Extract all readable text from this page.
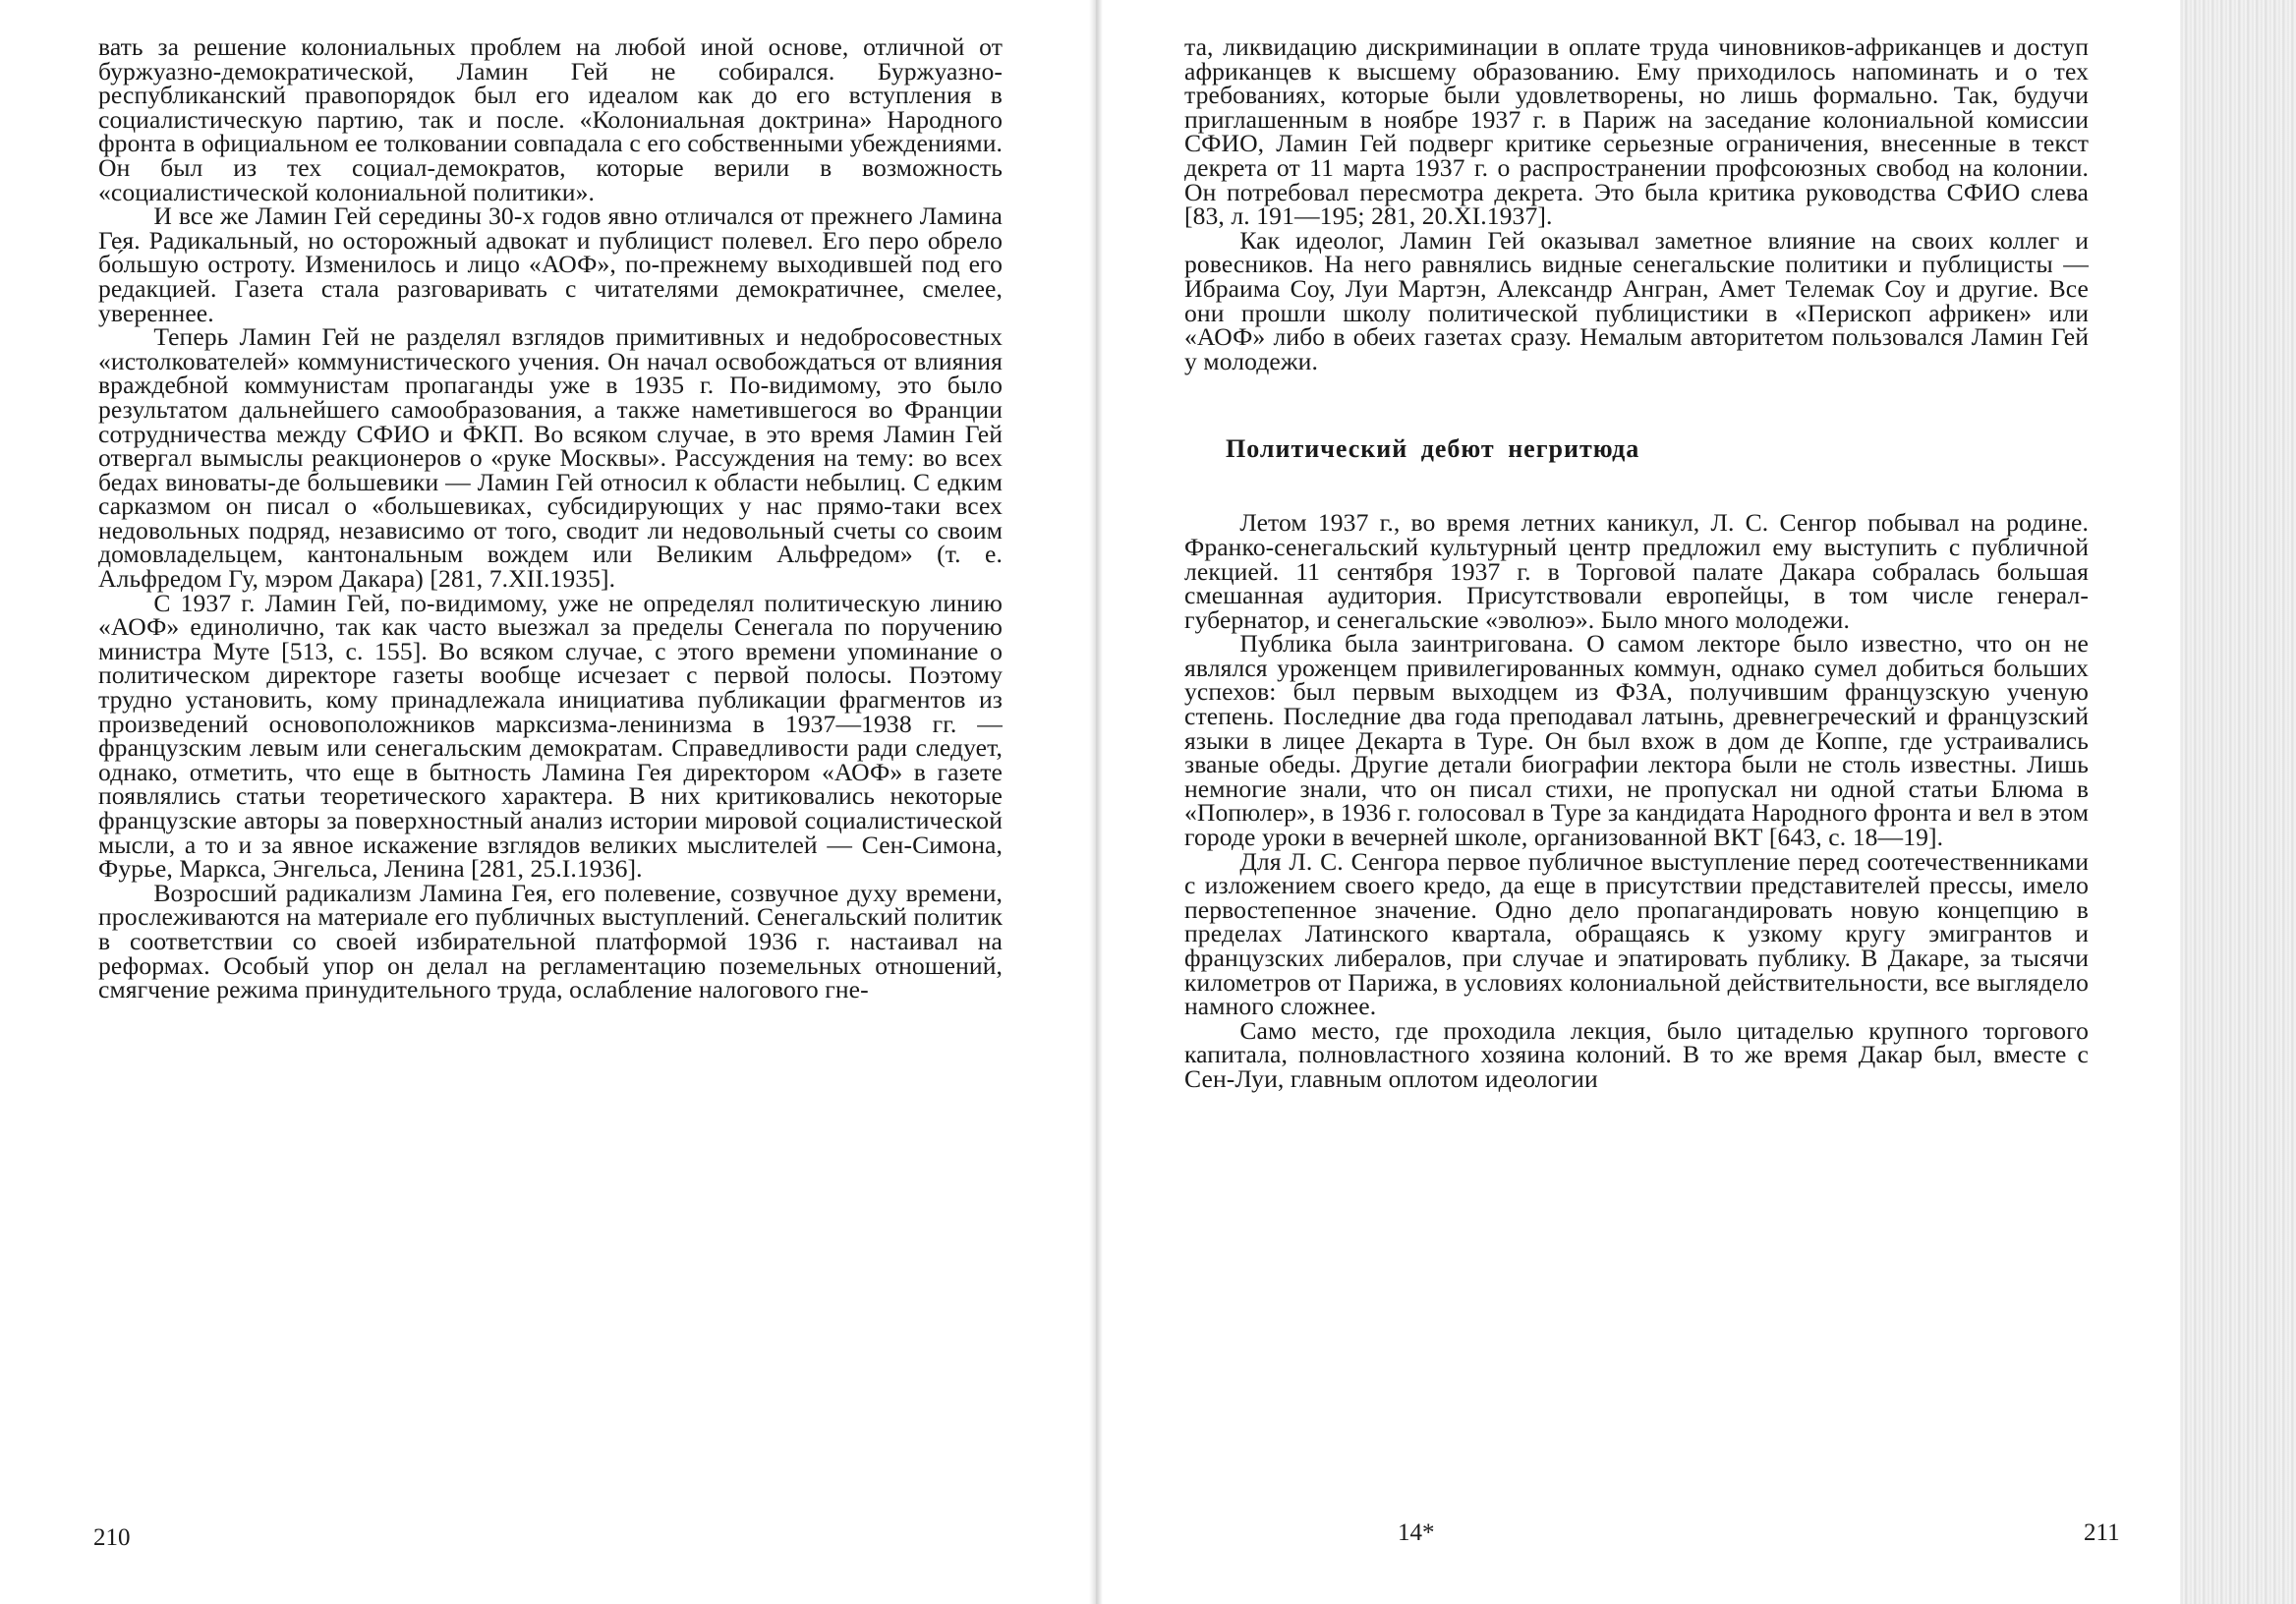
вать за решение колониальных проблем на любой иной основе, отличной от буржуазно-демократической, Ламин Гей не собирался. Буржуазно-республиканский правопорядок был его идеалом как до его вступления в социалистическую партию, так и после. «Колониальная доктрина» Народного фронта в официальном ее толковании совпадала с его собственными убеждениями. Он был из тех социал-демократов, которые верили в возможность «социалистической колониальной политики».

И все же Ламин Гей середины 30-х годов явно отличался от прежнего Ламина Гея. Радикальный, но осторожный адвокат и публицист полевел. Его перо обрело бо́льшую остроту. Изменилось и лицо «АОФ», по-прежнему выходившей под его редакцией. Газета стала разговаривать с читателями демократичнее, смелее, увереннее.

Теперь Ламин Гей не разделял взглядов примитивных и недобросовестных «истолкователей» коммунистического учения. Он начал освобождаться от влияния враждебной коммунистам пропаганды уже в 1935 г. По-видимому, это было результатом дальнейшего самообразования, а также наметившегося во Франции сотрудничества между СФИО и ФКП. Во всяком случае, в это время Ламин Гей отвергал вымыслы реакционеров о «руке Москвы». Рассуждения на тему: во всех бедах виноваты-де большевики — Ламин Гей относил к области небылиц. С едким сарказмом он писал о «большевиках, субсидирующих у нас прямо-таки всех недовольных подряд, независимо от того, сводит ли недовольный счеты со своим домовладельцем, кантональным вождем или Великим Альфредом» (т. е. Альфредом Гу, мэром Дакара) [281, 7.XII.1935].

С 1937 г. Ламин Гей, по-видимому, уже не определял политическую линию «АОФ» единолично, так как часто выезжал за пределы Сенегала по поручению министра Муте [513, с. 155]. Во всяком случае, с этого времени упоминание о политическом директоре газеты вообще исчезает с первой полосы. Поэтому трудно установить, кому принадлежала инициатива публикации фрагментов из произведений основоположников марксизма-ленинизма в 1937—1938 гг. — французским левым или сенегальским демократам. Справедливости ради следует, однако, отметить, что еще в бытность Ламина Гея директором «АОФ» в газете появлялись статьи теоретического характера. В них критиковались некоторые французские авторы за поверхностный анализ истории мировой социалистической мысли, а то и за явное искажение взглядов великих мыслителей — Сен-Симона, Фурье, Маркса, Энгельса, Ленина [281, 25.I.1936].

Возросший радикализм Ламина Гея, его полевение, созвучное духу времени, прослеживаются на материале его публичных выступлений. Сенегальский политик в соответствии со своей избирательной платформой 1936 г. настаивал на реформах. Особый упор он делал на регламентацию поземельных отношений, смягчение режима принудительного труда, ослабление налогового гне-

210

та, ликвидацию дискриминации в оплате труда чиновников-африканцев и доступ африканцев к высшему образованию. Ему приходилось напоминать и о тех требованиях, которые были удовлетворены, но лишь формально. Так, будучи приглашенным в ноябре 1937 г. в Париж на заседание колониальной комиссии СФИО, Ламин Гей подверг критике серьезные ограничения, внесенные в текст декрета от 11 марта 1937 г. о распространении профсоюзных свобод на колонии. Он потребовал пересмотра декрета. Это была критика руководства СФИО слева [83, л. 191—195; 281, 20.XI.1937].

Как идеолог, Ламин Гей оказывал заметное влияние на своих коллег и ровесников. На него равнялись видные сенегальские политики и публицисты — Ибраима Соу, Луи Мартэн, Александр Ангран, Амет Телемак Соу и другие. Все они прошли школу политической публицистики в «Перископ африкен» или «АОФ» либо в обеих газетах сразу. Немалым авторитетом пользовался Ламин Гей у молодежи.

Политический дебют негритюда

Летом 1937 г., во время летних каникул, Л. С. Сенгор побывал на родине. Франко-сенегальский культурный центр предложил ему выступить с публичной лекцией. 11 сентября 1937 г. в Торговой палате Дакара собралась большая смешанная аудитория. Присутствовали европейцы, в том числе генерал-губернатор, и сенегальские «эволюэ». Было много молодежи.

Публика была заинтригована. О самом лекторе было известно, что он не являлся уроженцем привилегированных коммун, однако сумел добиться больших успехов: был первым выходцем из ФЗА, получившим французскую ученую степень. Последние два года преподавал латынь, древнегреческий и французский языки в лицее Декарта в Туре. Он был вхож в дом де Коппе, где устраивались званые обеды. Другие детали биографии лектора были не столь известны. Лишь немногие знали, что он писал стихи, не пропускал ни одной статьи Блюма в «Попюлер», в 1936 г. голосовал в Туре за кандидата Народного фронта и вел в этом городе уроки в вечерней школе, организованной ВКТ [643, с. 18—19].

Для Л. С. Сенгора первое публичное выступление перед соотечественниками с изложением своего кредо, да еще в присутствии представителей прессы, имело первостепенное значение. Одно дело пропагандировать новую концепцию в пределах Латинского квартала, обращаясь к узкому кругу эмигрантов и французских либералов, при случае и эпатировать публику. В Дакаре, за тысячи километров от Парижа, в условиях колониальной действительности, все выглядело намного сложнее.

Само место, где проходила лекция, было цитаделью крупного торгового капитала, полновластного хозяина колоний. В то же время Дакар был, вместе с Сен-Луи, главным оплотом идеологии

14*	211
